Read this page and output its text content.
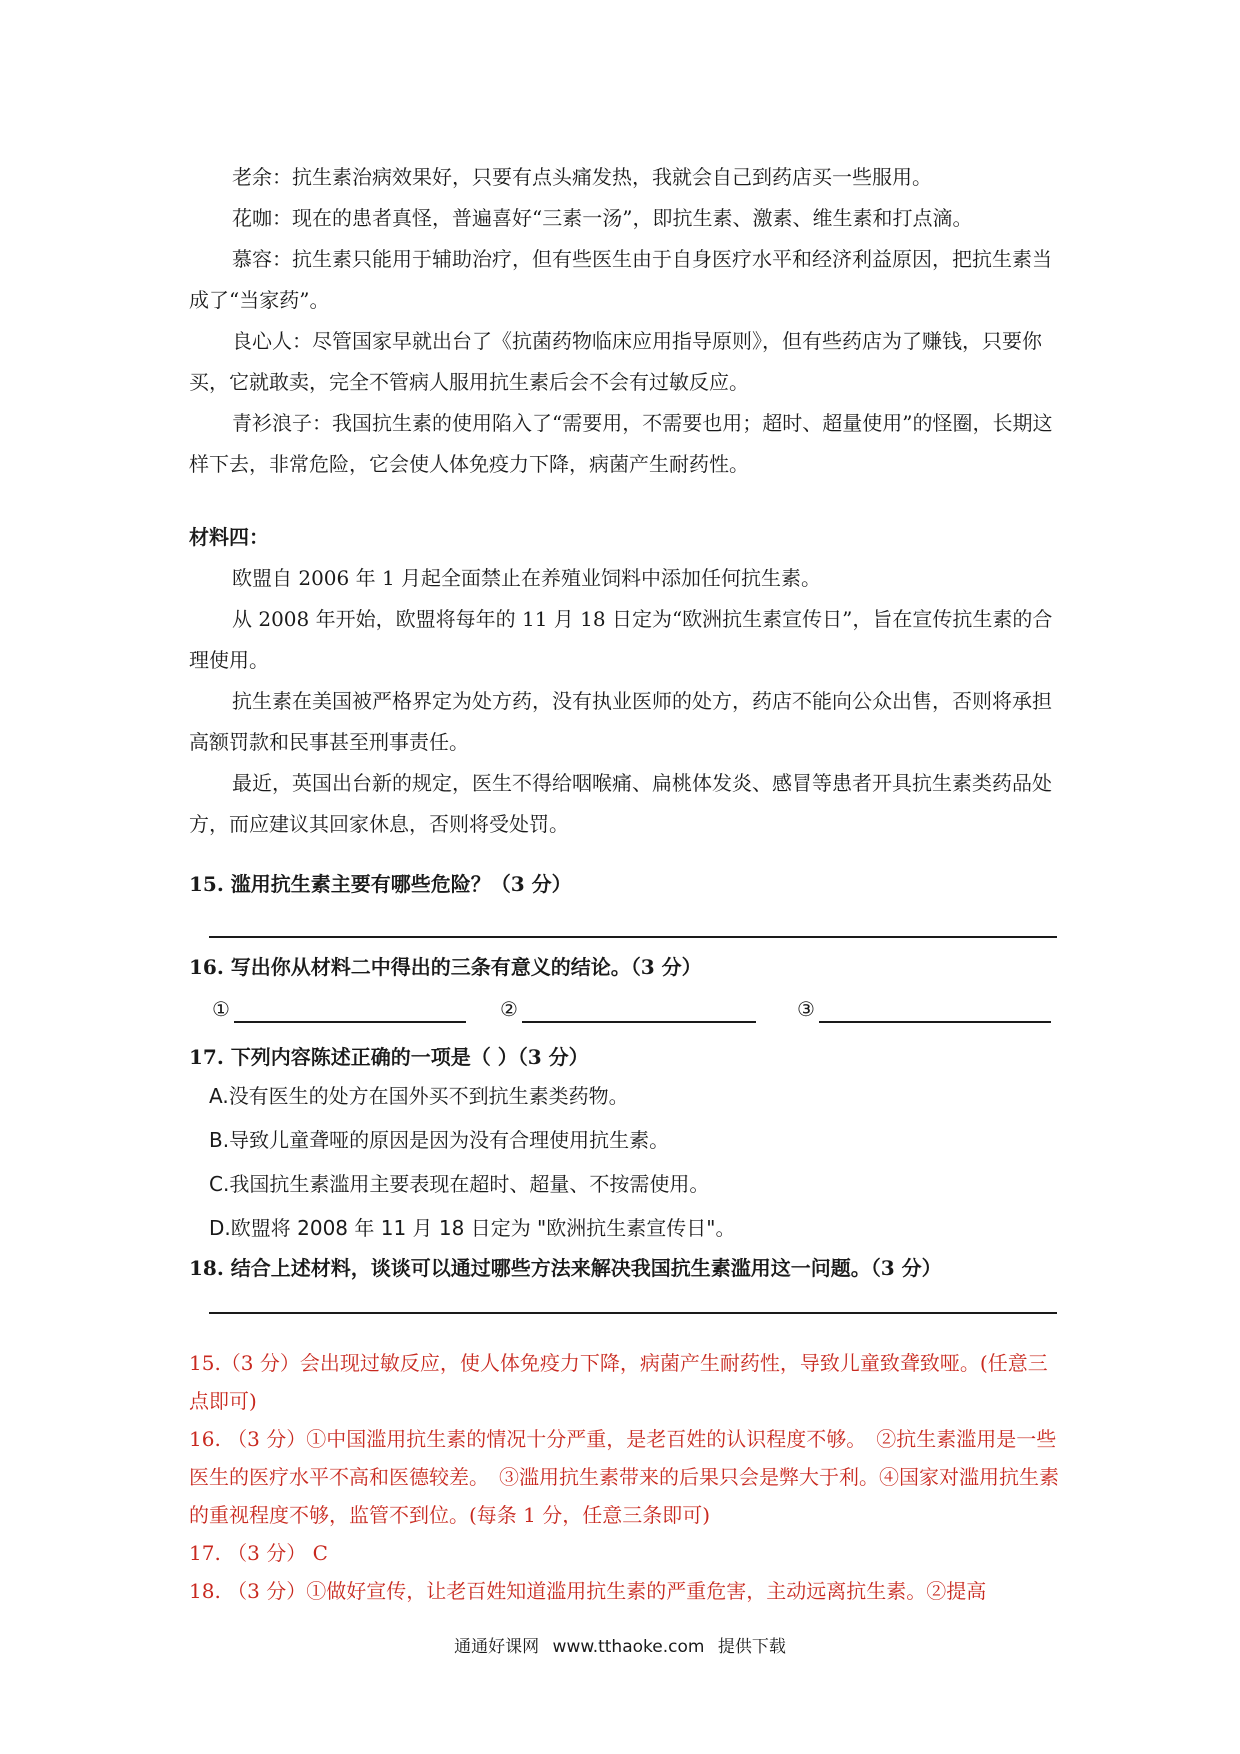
老余：抗生素治病效果好，只要有点头痛发热，我就会自己到药店买一些服用。

花咖：现在的患者真怪，普遍喜好“三素一汤”，即抗生素、激素、维生素和打点滴。

慕容：抗生素只能用于辅助治疗，但有些医生由于自身医疗水平和经济利益原因，把抗生素当成了“当家药”。

良心人：尽管国家早就出台了《抗菌药物临床应用指导原则》，但有些药店为了赚钱，只要你买，它就敢卖，完全不管病人服用抗生素后会不会有过敏反应。

青衫浪子：我国抗生素的使用陷入了“需要用，不需要也用；超时、超量使用”的怪圈，长期这样下去，非常危险，它会使人体免疫力下降，病菌产生耐药性。

材料四：

欧盟自 2006 年 1 月起全面禁止在养殖业饲料中添加任何抗生素。

从 2008 年开始，欧盟将每年的 11 月 18 日定为“欧洲抗生素宣传日”，旨在宣传抗生素的合理使用。

抗生素在美国被严格界定为处方药，没有执业医师的处方，药店不能向公众出售，否则将承担高额罚款和民事甚至刑事责任。

最近，英国出台新的规定，医生不得给咽喉痛、扁桃体发炎、感冒等患者开具抗生素类药品处方，而应建议其回家休息，否则将受处罚。

15. 滥用抗生素主要有哪些危险？（3 分）

16. 写出你从材料二中得出的三条有意义的结论。（3 分）

①	②	③

17. 下列内容陈述正确的一项是（ ）（3 分）

A.没有医生的处方在国外买不到抗生素类药物。

B.导致儿童聋哑的原因是因为没有合理使用抗生素。

C.我国抗生素滥用主要表现在超时、超量、不按需使用。

D.欧盟将 2008 年 11 月 18 日定为 "欧洲抗生素宣传日"。

18. 结合上述材料，谈谈可以通过哪些方法来解决我国抗生素滥用这一问题。（3 分）

15.（3 分）会出现过敏反应，使人体免疫力下降，病菌产生耐药性，导致儿童致聋致哑。(任意三点即可)

16. （3 分）①中国滥用抗生素的情况十分严重，是老百姓的认识程度不够。　②抗生素滥用是一些医生的医疗水平不高和医德较差。　③滥用抗生素带来的后果只会是弊大于利。④国家对滥用抗生素的重视程度不够，监管不到位。(每条 1 分，任意三条即可)

17. （3 分） C

18. （3 分）①做好宣传，让老百姓知道滥用抗生素的严重危害，主动远离抗生素。②提高

通通好课网 www.tthaoke.com 提供下载
